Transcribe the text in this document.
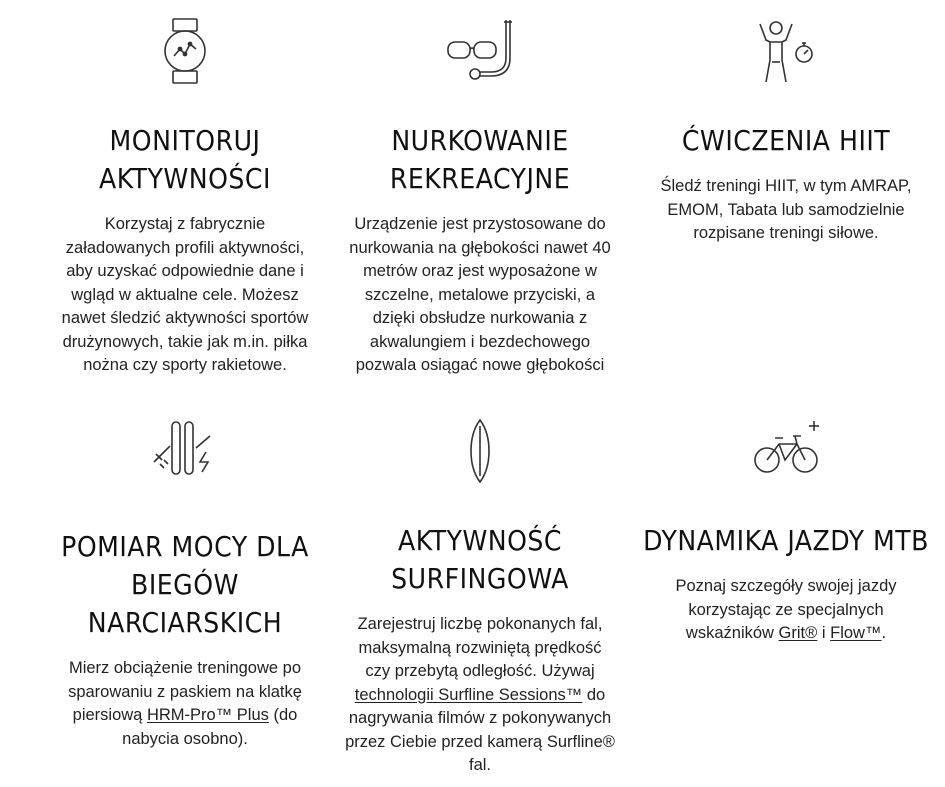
MONITORUJ

AKTYWNOŚCI

Korzystaj z fabrycznie

załadowanych profili aktywności,

aby uzyskać odpowiednie dane i

wgląd w aktualne cele. Możesz

nawet śledzić aktywności sportów

drużynowych, takie jak m.in. piłka

nożna czy sporty rakietowe.

NURKOWANIE

REKREACYJNE

Urządzenie jest przystosowane do

nurkowania na głębokości nawet 40

metrów oraz jest wyposażone w

szczelne, metalowe przyciski, a

dzięki obsłudze nurkowania z

akwalungiem i bezdechowego

pozwala osiągać nowe głębokości

ĆWICZENIA HIIT

Śledź treningi HIIT, w tym AMRAP,

EMOM, Tabata lub samodzielnie

rozpisane treningi siłowe.

POMIAR MOCY DLA

BIEGÓW NARCIARSKICH

Mierz obciążenie treningowe po

sparowaniu z paskiem na klatkę

piersiową HRM-Pro™ Plus (do

nabycia osobno).

AKTYWNOŚĆ

SURFINGOWA

Zarejestruj liczbę pokonanych fal,

maksymalną rozwiniętą prędkość

czy przebytą odległość. Używaj

technologii Surfline Sessions™ do

nagrywania filmów z pokonywanych

przez Ciebie przed kamerą Surfline®

fal.

DYNAMIKA JAZDY MTB

Poznaj szczegóły swojej jazdy

korzystając ze specjalnych

wskaźników Grit® i Flow™.
